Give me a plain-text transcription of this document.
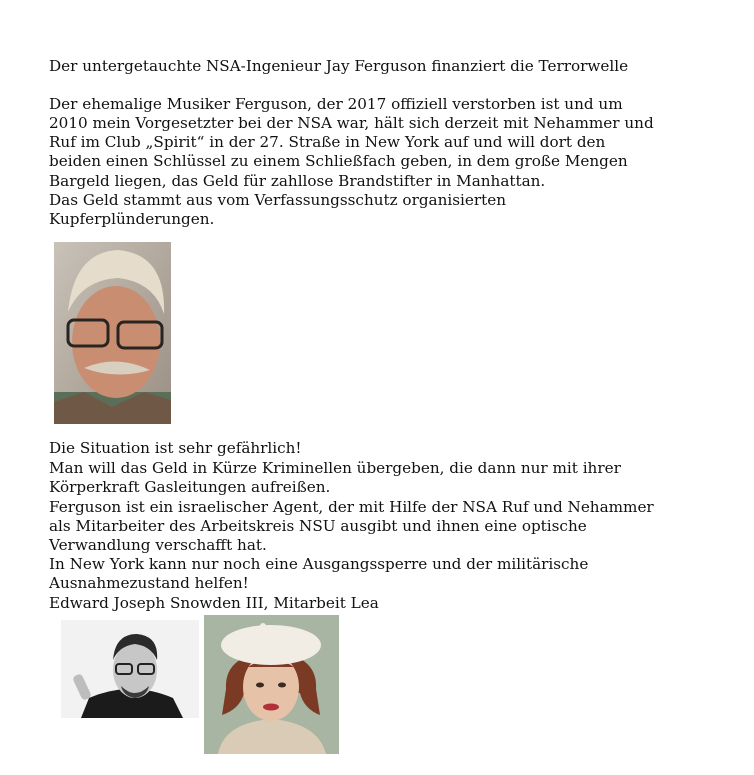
Der untergetauchte NSA-Ingenieur Jay Ferguson finanziert die Terrorwelle
Der ehemalige Musiker Ferguson, der 2017 offiziell verstorben ist und um
2010 mein Vorgesetzter bei der NSA war, hält sich derzeit mit Nehammer und
Ruf im Club „Spirit“ in der 27. Straße in New York auf und will dort den
beiden einen Schlüssel zu einem Schließfach geben, in dem große Mengen
Bargeld liegen, das Geld für zahllose Brandstifter in Manhattan.
Das Geld stammt aus vom Verfassungsschutz organisierten
Kupferplünderungen.
Die Situation ist sehr gefährlich!
Man will das Geld in Kürze Kriminellen übergeben, die dann nur mit ihrer
Körperkraft Gasleitungen aufreißen.
Ferguson ist ein israelischer Agent, der mit Hilfe der NSA Ruf und Nehammer
als Mitarbeiter des Arbeitskreis NSU ausgibt und ihnen eine optische
Verwandlung verschafft hat.
In New York kann nur noch eine Ausgangssperre und der militärische
Ausnahmezustand helfen!
Edward Joseph Snowden III, Mitarbeit Lea
